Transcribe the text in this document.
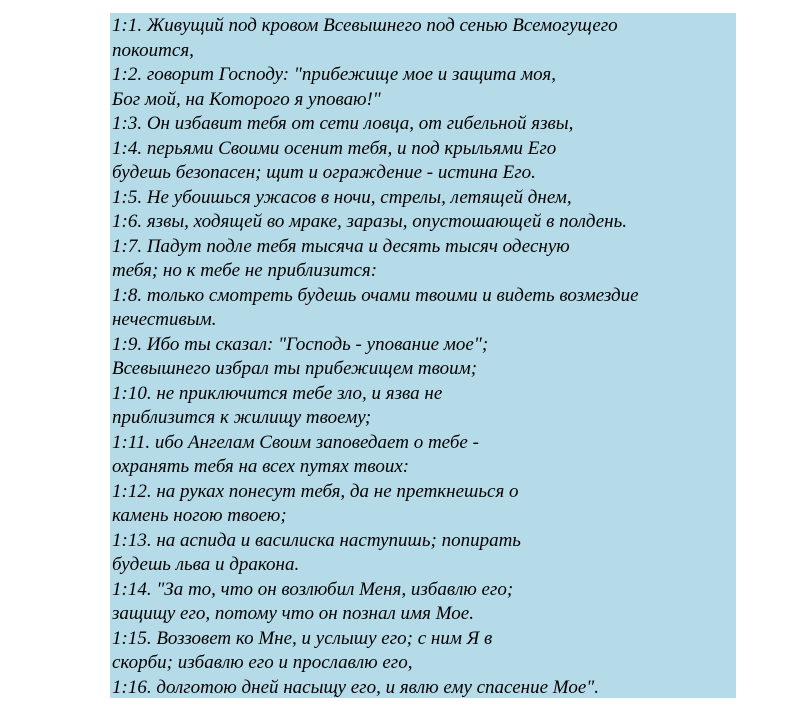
1:1. Живущий под кровом Всевышнего под сенью Всемогущего
покоится,
1:2. говорит Господу: "прибежище мое и защита моя,
Бог мой, на Которого я уповаю!"
1:3. Он избавит тебя от сети ловца, от гибельной язвы,
1:4. перьями Своими осенит тебя, и под крыльями Его
будешь безопасен; щит и ограждение - истина Его.
1:5. Не убоишься ужасов в ночи, стрелы, летящей днем,
1:6. язвы, ходящей во мраке, заразы, опустошающей в полдень.
1:7. Падут подле тебя тысяча и десять тысяч одесную
тебя; но к тебе не приблизится:
1:8. только смотреть будешь очами твоими и видеть возмездие
нечестивым.
1:9. Ибо ты сказал: "Господь - упование мое";
Всевышнего избрал ты прибежищем твоим;
1:10. не приключится тебе зло, и язва не
приблизится к жилищу твоему;
1:11. ибо Ангелам Своим заповедает о тебе -
охранять тебя на всех путях твоих:
1:12. на руках понесут тебя, да не преткнешься о
камень ногою твоею;
1:13. на аспида и василиска наступишь; попирать
будешь льва и дракона.
1:14. "За то, что он возлюбил Меня, избавлю его;
защищу его, потому что он познал имя Мое.
1:15. Воззовет ко Мне, и услышу его; с ним Я в
скорби; избавлю его и прославлю его,
1:16. долготою дней насыщу его, и явлю ему спасение Мое".
